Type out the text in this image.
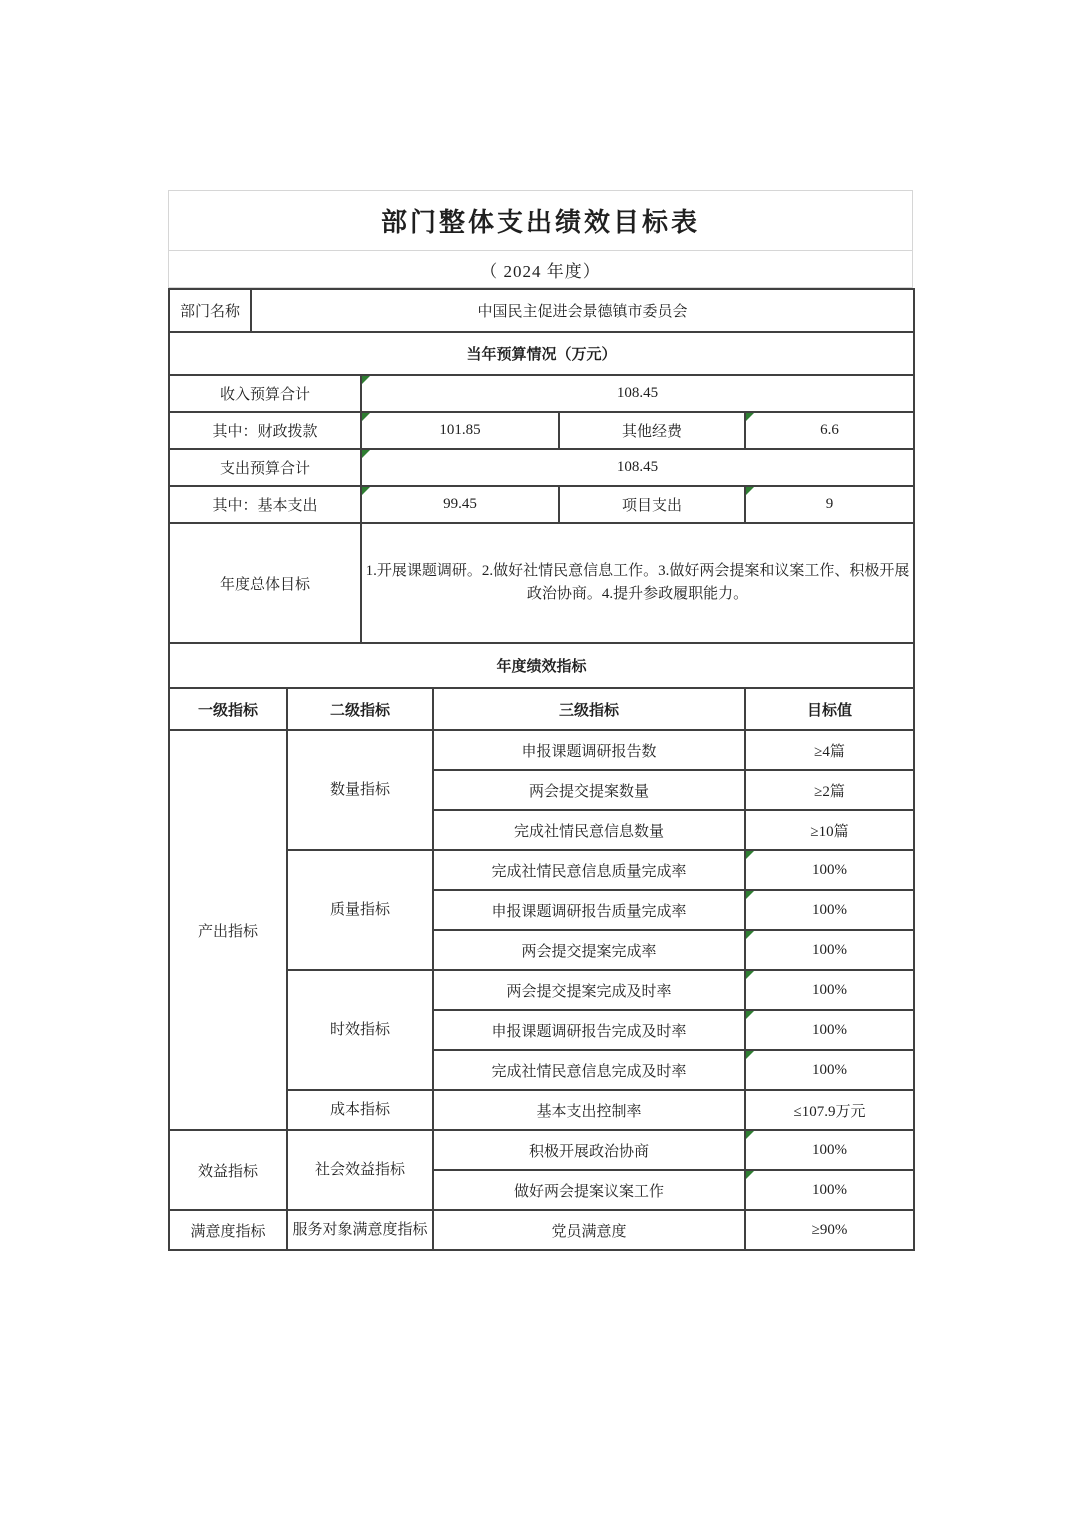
部门整体支出绩效目标表
（ 2024 年度）
部门名称	中国民主促进会景德镇市委员会					
当年预算情况（万元）						
收入预算合计			108.45			
其中：财政拨款			101.85		其他经费	6.6
支出预算合计			108.45			
其中：基本支出			99.45		项目支出	9
年度总体目标			1.开展课题调研。2.做好社情民意信息工作。3.做好两会提案和议案工作、积极开展政治协商。4.提升参政履职能力。			
年度绩效指标						
一级指标		二级指标		三级指标		目标值
产出指标		数量指标		申报课题调研报告数		≥4篇
				两会提交提案数量		≥2篇
				完成社情民意信息数量		≥10篇
		质量指标		完成社情民意信息质量完成率		100%
				申报课题调研报告质量完成率		100%
				两会提交提案完成率		100%
		时效指标		两会提交提案完成及时率		100%
				申报课题调研报告完成及时率		100%
				完成社情民意信息完成及时率		100%
		成本指标		基本支出控制率		≤107.9万元
效益指标		社会效益指标		积极开展政治协商		100%
				做好两会提案议案工作		100%
满意度指标		服务对象满意度指标		党员满意度		≥90%
